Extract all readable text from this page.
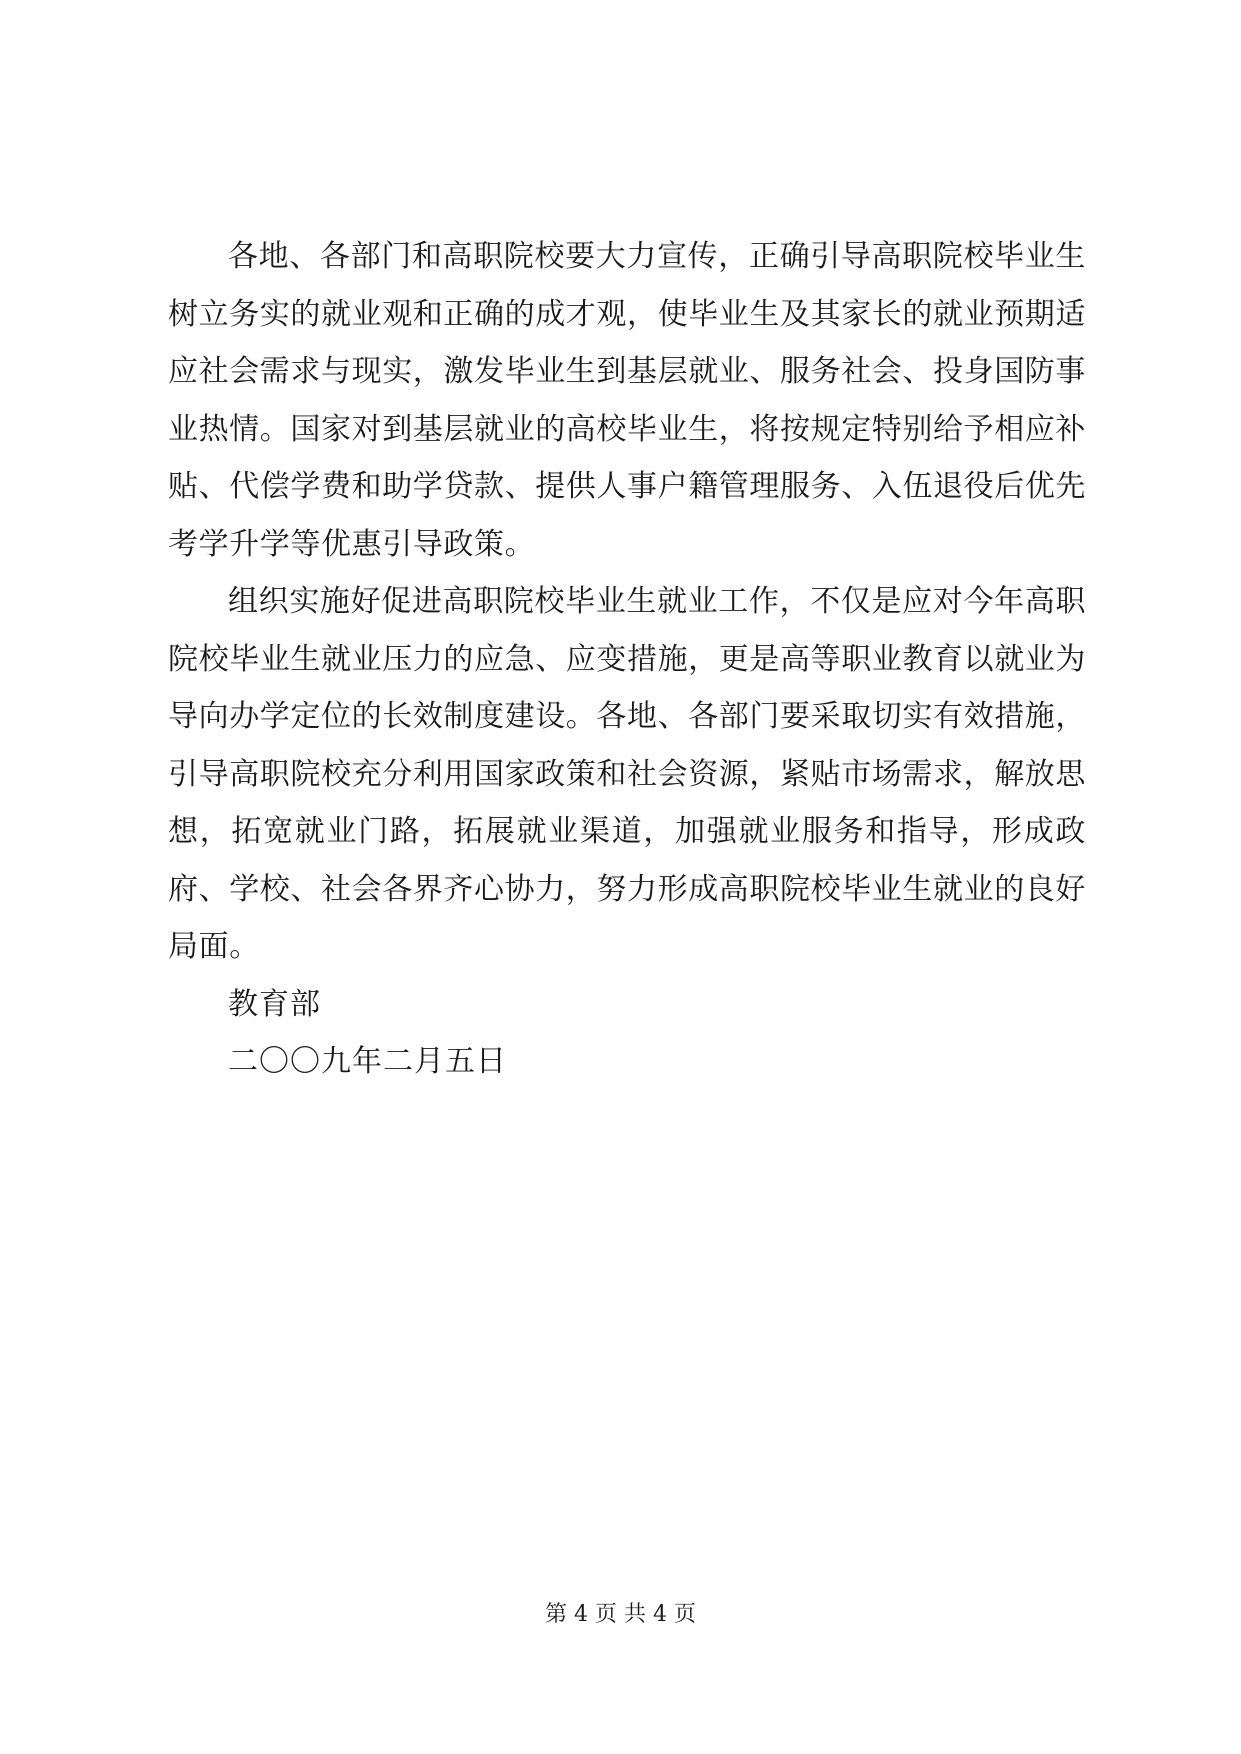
各地、各部门和高职院校要大力宣传，正确引导高职院校毕业生树立务实的就业观和正确的成才观，使毕业生及其家长的就业预期适应社会需求与现实，激发毕业生到基层就业、服务社会、投身国防事业热情。国家对到基层就业的高校毕业生，将按规定特别给予相应补贴、代偿学费和助学贷款、提供人事户籍管理服务、入伍退役后优先考学升学等优惠引导政策。

组织实施好促进高职院校毕业生就业工作，不仅是应对今年高职院校毕业生就业压力的应急、应变措施，更是高等职业教育以就业为导向办学定位的长效制度建设。各地、各部门要采取切实有效措施，引导高职院校充分利用国家政策和社会资源，紧贴市场需求，解放思想，拓宽就业门路，拓展就业渠道，加强就业服务和指导，形成政府、学校、社会各界齐心协力，努力形成高职院校毕业生就业的良好局面。

教育部

二〇〇九年二月五日

第 4 页 共 4 页
